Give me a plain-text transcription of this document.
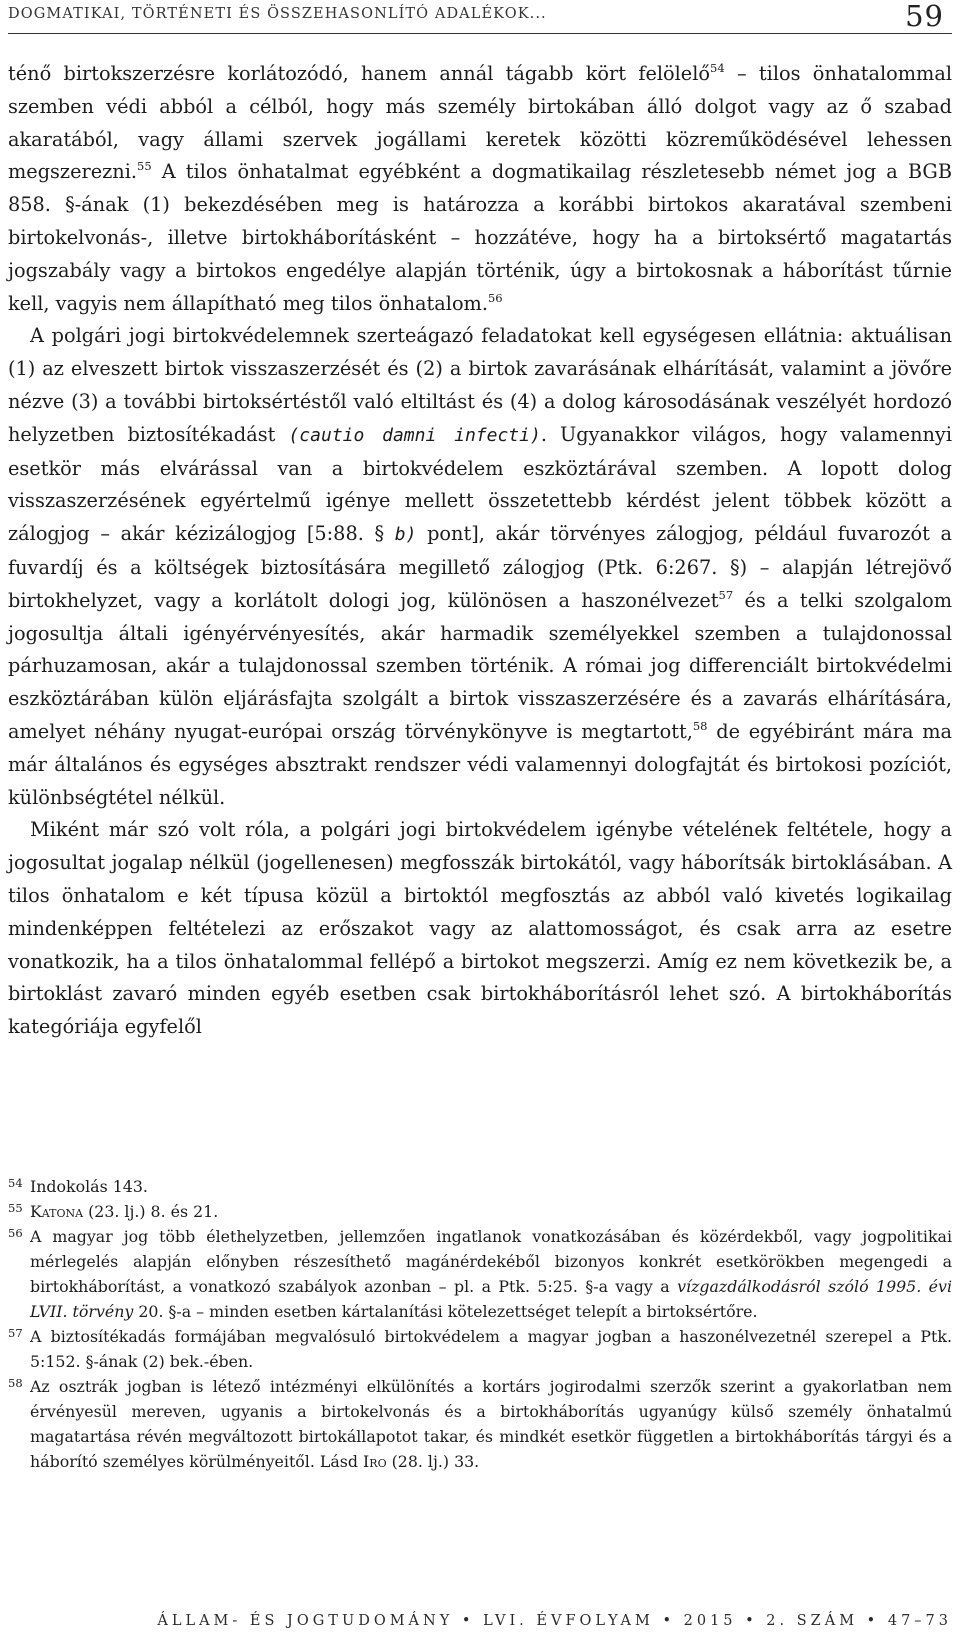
DOGMATIKAI, TÖRTÉNETI ÉS ÖSSZEHASONLÍTÓ ADALÉKOK...	59

ténő birtokszerzésre korlátozódó, hanem annál tágabb kört felölelő$^{54}$ – tilos önhatalommal szemben védi abból a célból, hogy más személy birtokában álló dolgot vagy az ő szabad akaratából, vagy állami szervek jogállami keretek közötti közreműködésével lehessen megszerezni.$^{55}$ A tilos önhatalmat egyébként a dogmatikailag részletesebb német jog a BGB 858. §-ának (1) bekezdésében meg is határozza a korábbi birtokos akaratával szembeni birtokelvonás-, illetve birtokháborításként – hozzátéve, hogy ha a birtoksértő magatartás jogszabály vagy a birtokos engedélye alapján történik, úgy a birtokosnak a háborítást tűrnie kell, vagyis nem állapítható meg tilos önhatalom.$^{56}$

A polgári jogi birtokvédelemnek szerteágazó feladatokat kell egységesen ellátnia: aktuálisan (1) az elveszett birtok visszaszerzését és (2) a birtok zavarásának elhárítását, valamint a jövőre nézve (3) a további birtoksértéstől való eltiltást és (4) a dolog károsodásának veszélyét hordozó helyzetben biztosítékadást (cautio damni infecti). Ugyanakkor világos, hogy valamennyi esetkör más elvárással van a birtokvédelem eszköztárával szemben. A lopott dolog visszaszerzésének egyértelmű igénye mellett összetettebb kérdést jelent többek között a zálogjog – akár kézizálogjog [5:88. § b) pont], akár törvényes zálogjog, például fuvarozót a fuvardíj és a költségek biztosítására megillető zálogjog (Ptk. 6:267. §) – alapján létrejövő birtokhelyzet, vagy a korlátolt dologi jog, különösen a haszonélvezet$^{57}$ és a telki szolgalom jogosultja általi igényérvényesítés, akár harmadik személyekkel szemben a tulajdonossal párhuzamosan, akár a tulajdonossal szemben történik. A római jog differenciált birtokvédelmi eszköztárában külön eljárásfajta szolgált a birtok visszaszerzésére és a zavarás elhárítására, amelyet néhány nyugat-európai ország törvénykönyve is megtartott,$^{58}$ de egyébiránt mára ma már általános és egységes absztrakt rendszer védi valamennyi dologfajtát és birtokosi pozíciót, különbségtétel nélkül.

Miként már szó volt róla, a polgári jogi birtokvédelem igénybe vételének feltétele, hogy a jogosultat jogalap nélkül (jogellenesen) megfosszák birtokától, vagy háborítsák birtoklásában. A tilos önhatalom e két típusa közül a birtoktól megfosztás az abból való kivetés logikailag mindenképpen feltételezi az erőszakot vagy az alattomosságot, és csak arra az esetre vonatkozik, ha a tilos önhatalommal fellépő a birtokot megszerzi. Amíg ez nem következik be, a birtoklást zavaró minden egyéb esetben csak birtokháborításról lehet szó. A birtokháborítás kategóriája egyfelől

54 Indokolás 143.
55 Katona (23. lj.) 8. és 21.
56 A magyar jog több élethelyzetben, jellemzően ingatlanok vonatkozásában és közérdekből, vagy jogpolitikai mérlegelés alapján előnyben részesíthető magánérdekéből bizonyos konkrét esetkörökben megengedi a birtokháborítást, a vonatkozó szabályok azonban – pl. a Ptk. 5:25. §-a vagy a vízgazdálkodásról szóló 1995. évi LVII. törvény 20. §-a – minden esetben kártalanítási kötelezettséget telepít a birtoksértőre.
57 A biztosítékadás formájában megvalósuló birtokvédelem a magyar jogban a haszonélvezetnél szerepel a Ptk. 5:152. §-ának (2) bek.-ében.
58 Az osztrák jogban is létező intézményi elkülönítés a kortárs jogirodalmi szerzők szerint a gyakorlatban nem érvényesül mereven, ugyanis a birtokelvonás és a birtokháborítás ugyanúgy külső személy önhatalmú magatartása révén megváltozott birtokállapotot takar, és mindkét esetkör független a birtokháborítás tárgyi és a háborító személyes körülményeitől. Lásd Iro (28. lj.) 33.
ÁLLAM- ÉS JOGTUDOMÁNY • LVI. ÉVFOLYAM • 2015 • 2. SZÁM • 47–73
